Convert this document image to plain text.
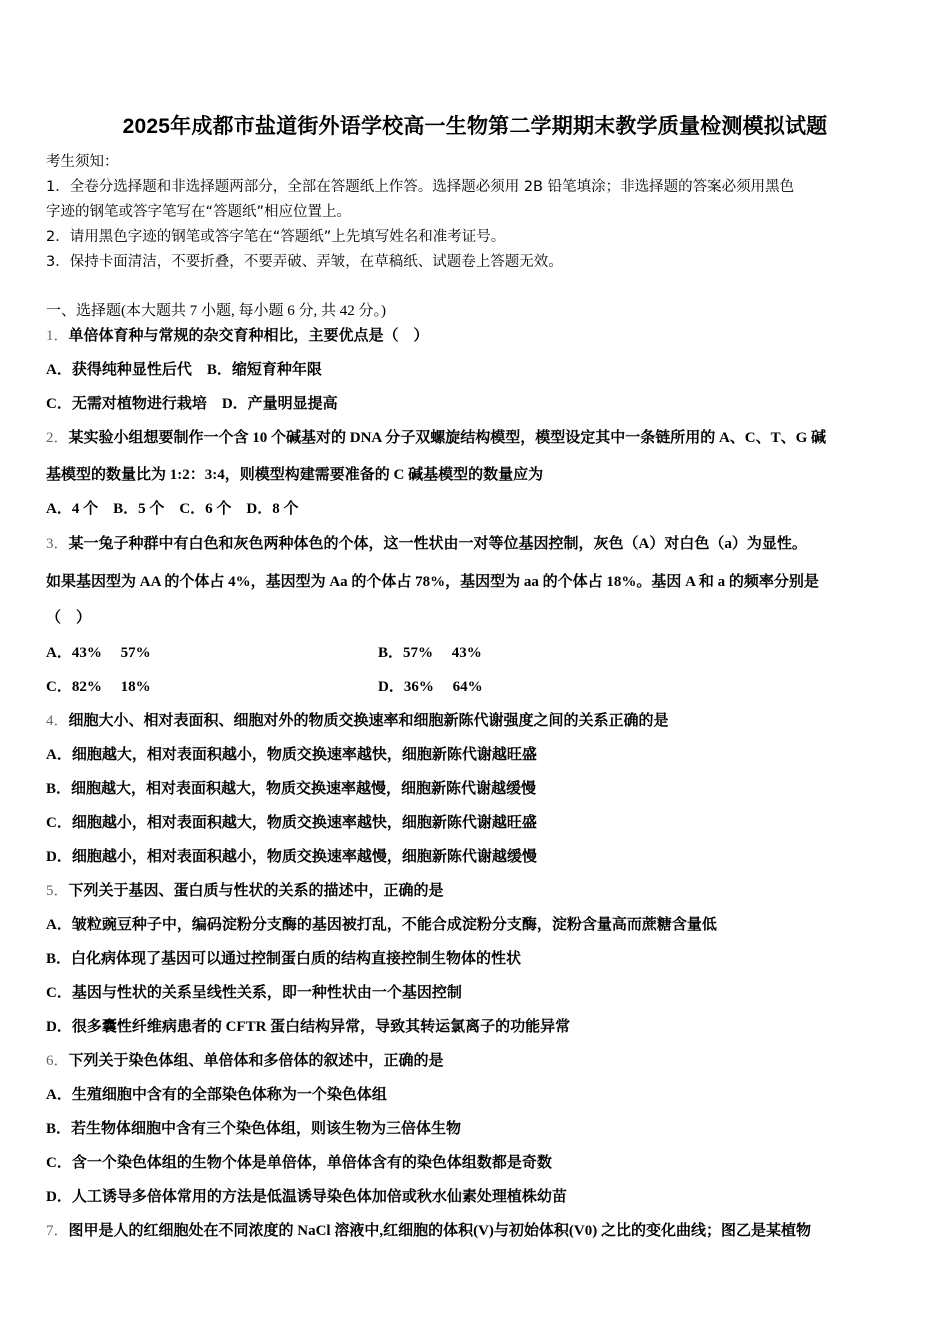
2025年成都市盐道街外语学校高一生物第二学期期末教学质量检测模拟试题
考生须知：
1．全卷分选择题和非选择题两部分，全部在答题纸上作答。选择题必须用 2B 铅笔填涂；非选择题的答案必须用黑色
字迹的钢笔或答字笔写在“答题纸”相应位置上。
2．请用黑色字迹的钢笔或答字笔在“答题纸”上先填写姓名和准考证号。
3．保持卡面清洁，不要折叠，不要弄破、弄皱，在草稿纸、试题卷上答题无效。
一、选择题(本大题共 7 小题, 每小题 6 分, 共 42 分。)
1．单倍体育种与常规的杂交育种相比，主要优点是（　）
A．获得纯种显性后代　B．缩短育种年限
C．无需对植物进行栽培　D．产量明显提高
2．某实验小组想要制作一个含 10 个碱基对的 DNA 分子双螺旋结构模型，模型设定其中一条链所用的 A、C、T、G 碱
基模型的数量比为 1:2：3:4，则模型构建需要准备的 C 碱基模型的数量应为
A．4 个　B．5 个　C．6 个　D．8 个
3．某一兔子种群中有白色和灰色两种体色的个体，这一性状由一对等位基因控制，灰色（A）对白色（a）为显性。
如果基因型为 AA 的个体占 4%，基因型为 Aa 的个体占 78%，基因型为 aa 的个体占 18%。基因 A 和 a 的频率分别是
（　）
A．43%　 57%	B．57%　 43%
C．82%　 18%	D．36%　 64%
4．细胞大小、相对表面积、细胞对外的物质交换速率和细胞新陈代谢强度之间的关系正确的是
A．细胞越大，相对表面积越小，物质交换速率越快，细胞新陈代谢越旺盛
B．细胞越大，相对表面积越大，物质交换速率越慢，细胞新陈代谢越缓慢
C．细胞越小，相对表面积越大，物质交换速率越快，细胞新陈代谢越旺盛
D．细胞越小，相对表面积越小，物质交换速率越慢，细胞新陈代谢越缓慢
5．下列关于基因、蛋白质与性状的关系的描述中，正确的是
A．皱粒豌豆种子中，编码淀粉分支酶的基因被打乱，不能合成淀粉分支酶，淀粉含量高而蔗糖含量低
B．白化病体现了基因可以通过控制蛋白质的结构直接控制生物体的性状
C．基因与性状的关系呈线性关系，即一种性状由一个基因控制
D．很多囊性纤维病患者的 CFTR 蛋白结构异常，导致其转运氯离子的功能异常
6．下列关于染色体组、单倍体和多倍体的叙述中，正确的是
A．生殖细胞中含有的全部染色体称为一个染色体组
B．若生物体细胞中含有三个染色体组，则该生物为三倍体生物
C．含一个染色体组的生物个体是单倍体，单倍体含有的染色体组数都是奇数
D．人工诱导多倍体常用的方法是低温诱导染色体加倍或秋水仙素处理植株幼苗
7．图甲是人的红细胞处在不同浓度的 NaCl 溶液中,红细胞的体积(V)与初始体积(V0) 之比的变化曲线；图乙是某植物
